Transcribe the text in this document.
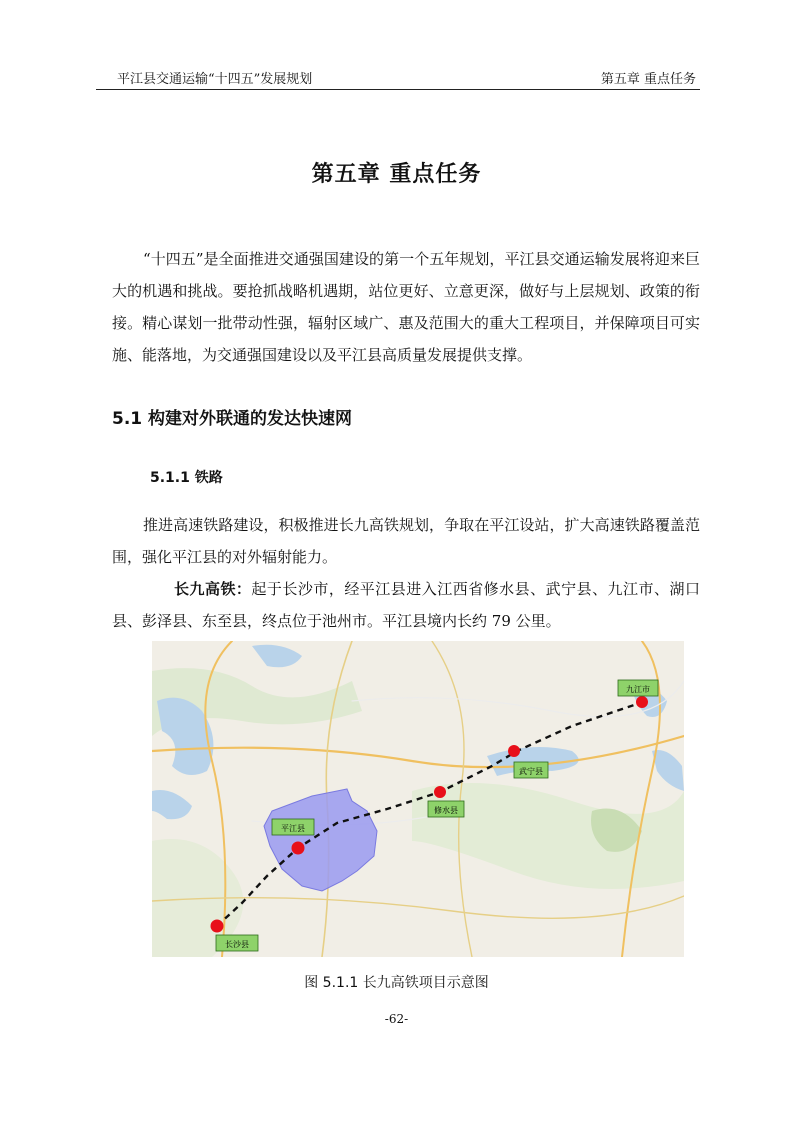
平江县交通运输“十四五”发展规划	第五章 重点任务
第五章 重点任务

“十四五”是全面推进交通强国建设的第一个五年规划，平江县交通运输发展将迎来巨大的机遇和挑战。要抢抓战略机遇期，站位更好、立意更深，做好与上层规划、政策的衔接。精心谋划一批带动性强，辐射区域广、惠及范围大的重大工程项目，并保障项目可实施、能落地，为交通强国建设以及平江县高质量发展提供支撑。

5.1 构建对外联通的发达快速网
5.1.1 铁路

推进高速铁路建设，积极推进长九高铁规划，争取在平江设站，扩大高速铁路覆盖范围，强化平江县的对外辐射能力。

长九高铁：起于长沙市，经平江县进入江西省修水县、武宁县、九江市、湖口县、彭泽县、东至县，终点位于池州市。平江县境内长约 79 公里。

长沙县
平江县
修水县
武宁县
九江市
图 5.1.1 长九高铁项目示意图
-62-
